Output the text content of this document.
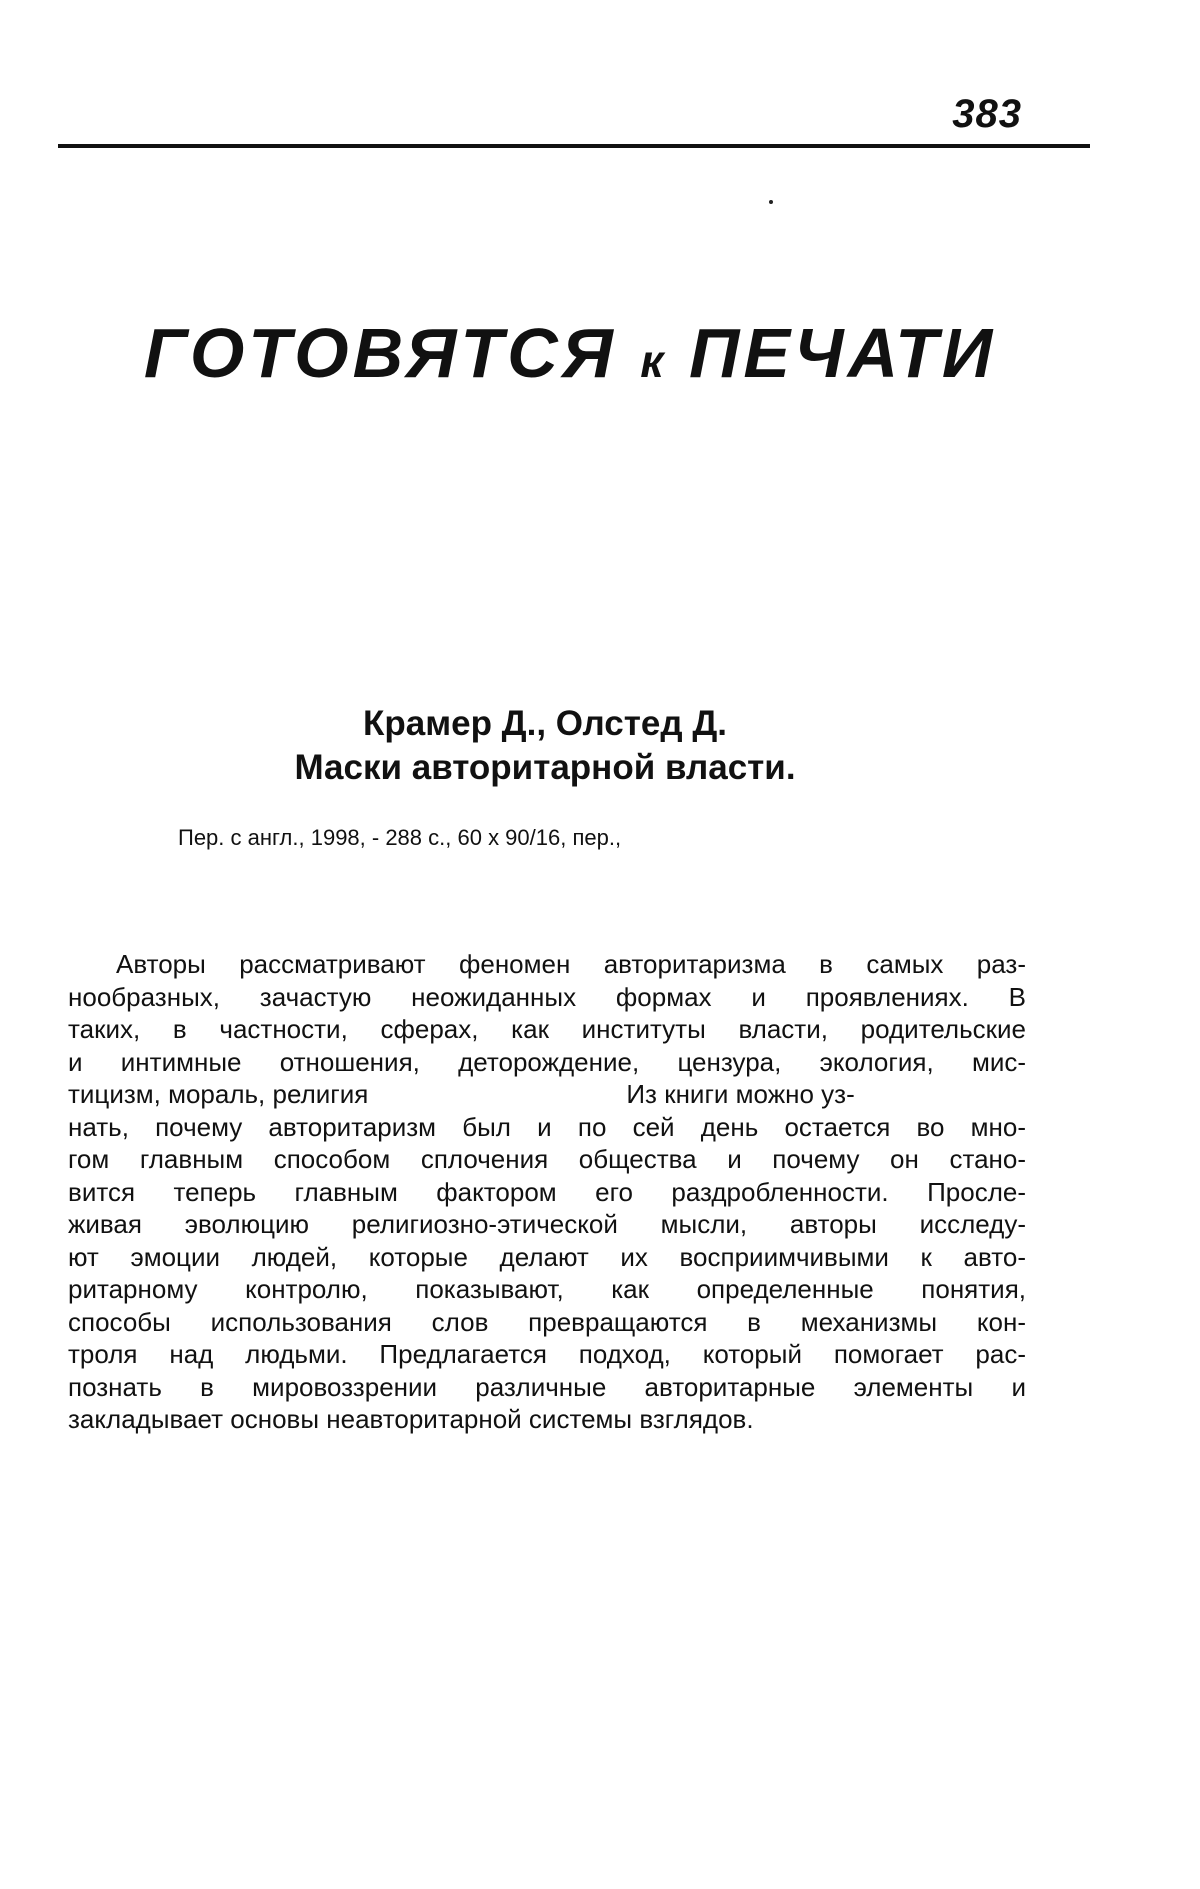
383
ГОТОВЯТСЯ к ПЕЧАТИ
Крамер Д., Олстед Д.
Маски авторитарной власти.
Пер. с англ., 1998, - 288 с., 60 х 90/16, пер.,
Авторы рассматривают феномен авторитаризма в самых раз-
нообразных, зачастую неожиданных формах и проявлениях. В
таких, в частности, сферах, как институты власти, родительские
и интимные отношения, деторождение, цензура, экология, мис-
тицизм, мораль, религия	Из книги можно уз-
нать, почему авторитаризм был и по сей день остается во мно-
гом главным способом сплочения общества и почему он стано-
вится теперь главным фактором его раздробленности. Просле-
живая эволюцию религиозно-этической мысли, авторы исследу-
ют эмоции людей, которые делают их восприимчивыми к авто-
ритарному контролю, показывают, как определенные понятия,
способы использования слов превращаются в механизмы кон-
троля над людьми. Предлагается подход, который помогает рас-
познать в мировоззрении различные авторитарные элементы и
закладывает основы неавторитарной системы взглядов.
